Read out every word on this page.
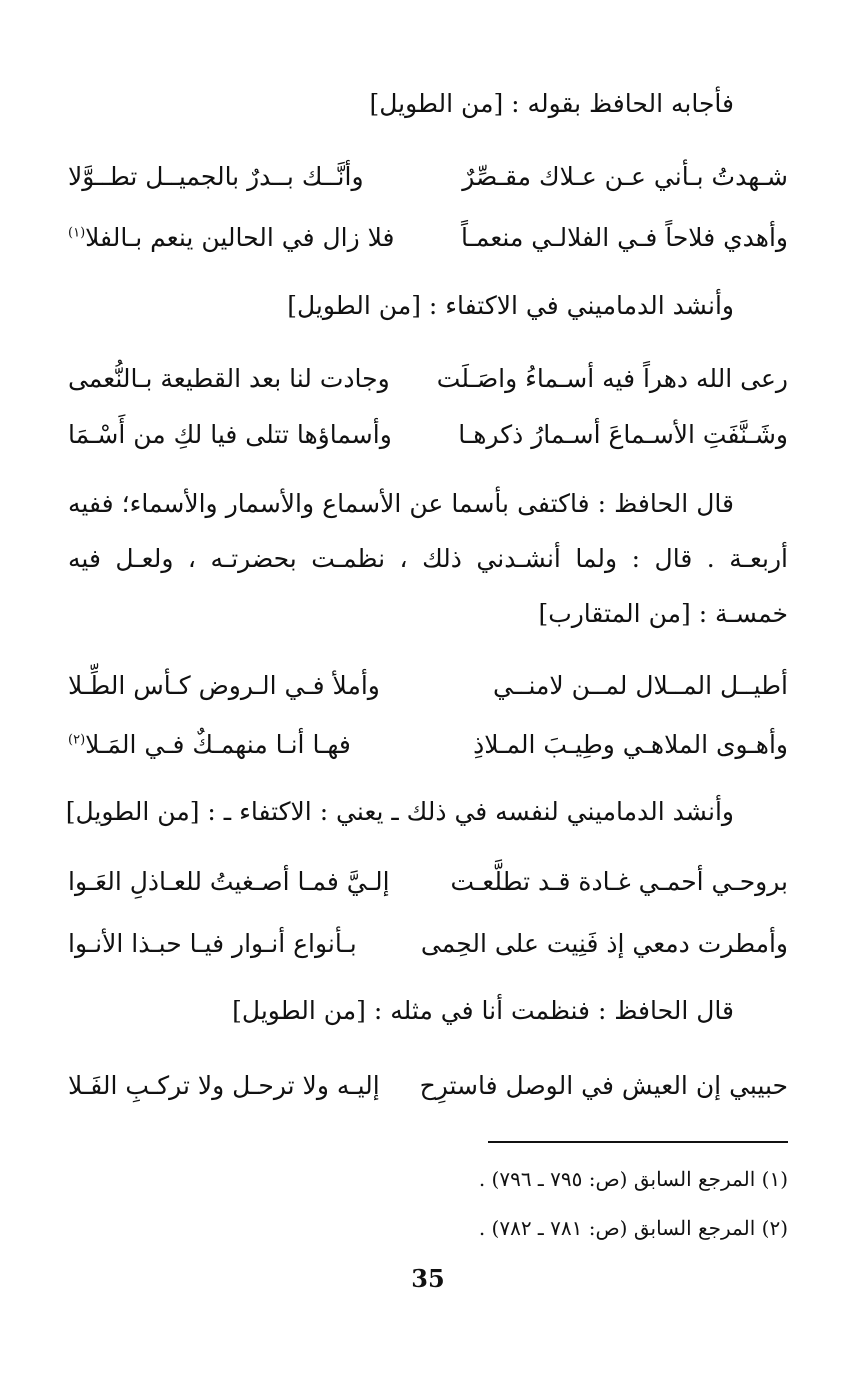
فأجابه الحافظ بقوله : [من الطويل]
شـهدتُ بـأني عـن عـلاك مقـصِّرٌ
وأنَّــك بــدرٌ بالجميــل تطــوَّلا
وأهدي فلاحاً فـي الفلالـي منعمـاً
فلا زال في الحالين ينعم بـالفلا$^{(١)}$
وأنشد الدماميني في الاكتفاء : [من الطويل]
رعى الله دهراً فيه أسـماءُ واصَـلَت
وجادت لنا بعد القطيعة بـالنُّعمى
وشَـنَّفَتِ الأسـماعَ أسـمارُ ذكرهـا
وأسماؤها تتلى فيا لكِ من أَسْـمَا
قال الحافظ : فاكتفى بأسما عن الأسماع والأسمار والأسماء؛ ففيه أربعـة . قال : ولما أنشـدني ذلك ، نظمـت بحضرتـه ، ولعـل فيه خمسـة : [من المتقارب]
أطيــل المــلال لمــن لامنــي
وأملأ فـي الـروض كـأس الطِّـلا
وأهـوى الملاهـي وطِيـبَ المـلاذِ
فهـا أنـا منهمـكٌ فـي المَـلا$^{(٢)}$
وأنشد الدماميني لنفسه في ذلك ـ يعني : الاكتفاء ـ : [من الطويل]
بروحـي أحمـي غـادة قـد تطلَّعـت
إلـيَّ فمـا أصـغيتُ للعـاذلِ العَـوا
وأمطرت دمعي إذ فَنِيت على الحِمى
بـأنواع أنـوار فيـا حبـذا الأنـوا
قال الحافظ : فنظمت أنا في مثله : [من الطويل]
حبيبي إن العيش في الوصل فاسترِح
إليـه ولا ترحـل ولا تركـبِ الفَـلا
(١) المرجع السابق (ص: ٧٩٥ ـ ٧٩٦) .
(٢) المرجع السابق (ص: ٧٨١ ـ ٧٨٢) .
35
